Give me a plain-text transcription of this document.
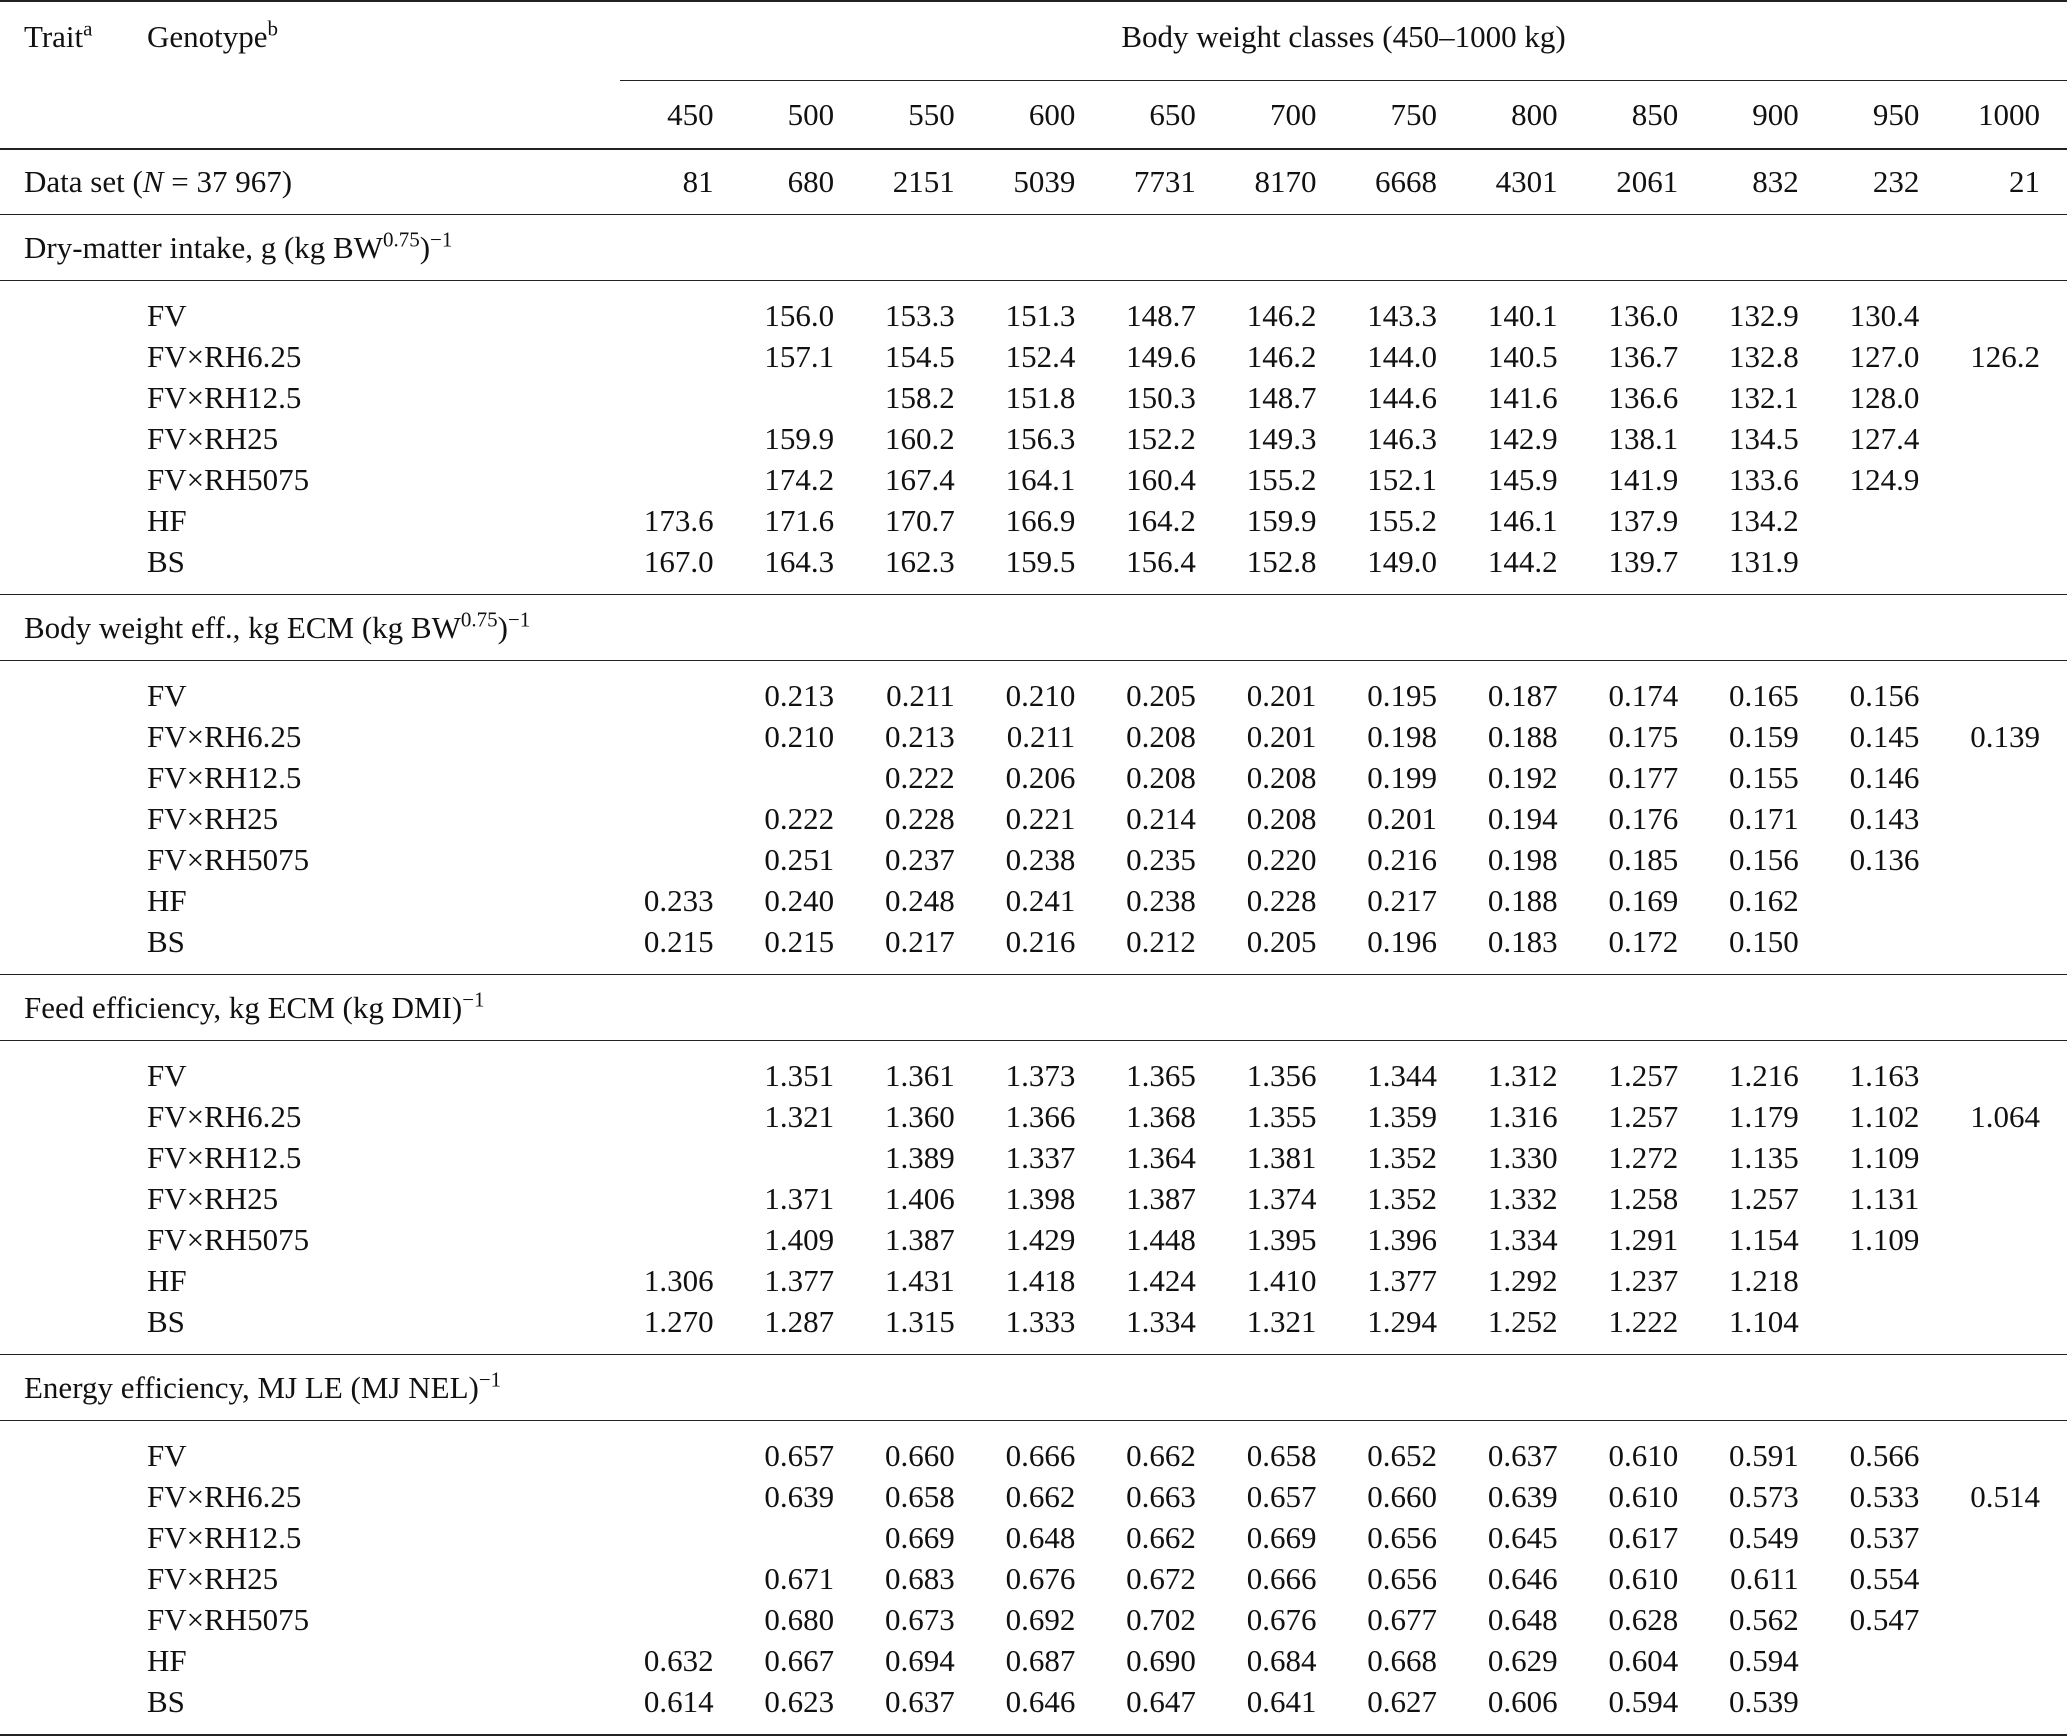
Trait$^a$	Genotype$^b$	Body weight classes (450–1000 kg)											
		450	500	550	600	650	700	750	800	850	900	950	1000
Data set (N = 37 967)		81	680	2151	5039	7731	8170	6668	4301	2061	832	232	21
Dry-matter intake, g (kg $BW^{0.75})^{-1}$

	FV		156.0	153.3	151.3	148.7	146.2	143.3	140.1	136.0	132.9	130.4	
	FV×RH6.25		157.1	154.5	152.4	149.6	146.2	144.0	140.5	136.7	132.8	127.0	126.2
	FV×RH12.5			158.2	151.8	150.3	148.7	144.6	141.6	136.6	132.1	128.0	
	FV×RH25		159.9	160.2	156.3	152.2	149.3	146.3	142.9	138.1	134.5	127.4	
	FV×RH5075		174.2	167.4	164.1	160.4	155.2	152.1	145.9	141.9	133.6	124.9	
	HF	173.6	171.6	170.7	166.9	164.2	159.9	155.2	146.1	137.9	134.2		
	BS	167.0	164.3	162.3	159.5	156.4	152.8	149.0	144.2	139.7	131.9		

Body weight eff., kg ECM (kg $BW^{0.75})^{-1}$

	FV		0.213	0.211	0.210	0.205	0.201	0.195	0.187	0.174	0.165	0.156	
	FV×RH6.25		0.210	0.213	0.211	0.208	0.201	0.198	0.188	0.175	0.159	0.145	0.139
	FV×RH12.5			0.222	0.206	0.208	0.208	0.199	0.192	0.177	0.155	0.146	
	FV×RH25		0.222	0.228	0.221	0.214	0.208	0.201	0.194	0.176	0.171	0.143	
	FV×RH5075		0.251	0.237	0.238	0.235	0.220	0.216	0.198	0.185	0.156	0.136	
	HF	0.233	0.240	0.248	0.241	0.238	0.228	0.217	0.188	0.169	0.162		
	BS	0.215	0.215	0.217	0.216	0.212	0.205	0.196	0.183	0.172	0.150		

Feed efficiency, kg ECM (kg DMI)$^{-1}$

	FV		1.351	1.361	1.373	1.365	1.356	1.344	1.312	1.257	1.216	1.163	
	FV×RH6.25		1.321	1.360	1.366	1.368	1.355	1.359	1.316	1.257	1.179	1.102	1.064
	FV×RH12.5			1.389	1.337	1.364	1.381	1.352	1.330	1.272	1.135	1.109	
	FV×RH25		1.371	1.406	1.398	1.387	1.374	1.352	1.332	1.258	1.257	1.131	
	FV×RH5075		1.409	1.387	1.429	1.448	1.395	1.396	1.334	1.291	1.154	1.109	
	HF	1.306	1.377	1.431	1.418	1.424	1.410	1.377	1.292	1.237	1.218		
	BS	1.270	1.287	1.315	1.333	1.334	1.321	1.294	1.252	1.222	1.104		

Energy efficiency, MJ LE (MJ NEL)$^{-1}$

	FV		0.657	0.660	0.666	0.662	0.658	0.652	0.637	0.610	0.591	0.566	
	FV×RH6.25		0.639	0.658	0.662	0.663	0.657	0.660	0.639	0.610	0.573	0.533	0.514
	FV×RH12.5			0.669	0.648	0.662	0.669	0.656	0.645	0.617	0.549	0.537	
	FV×RH25		0.671	0.683	0.676	0.672	0.666	0.656	0.646	0.610	0.611	0.554	
	FV×RH5075		0.680	0.673	0.692	0.702	0.676	0.677	0.648	0.628	0.562	0.547	
	HF	0.632	0.667	0.694	0.687	0.690	0.684	0.668	0.629	0.604	0.594		
	BS	0.614	0.623	0.637	0.646	0.647	0.641	0.627	0.606	0.594	0.539		
